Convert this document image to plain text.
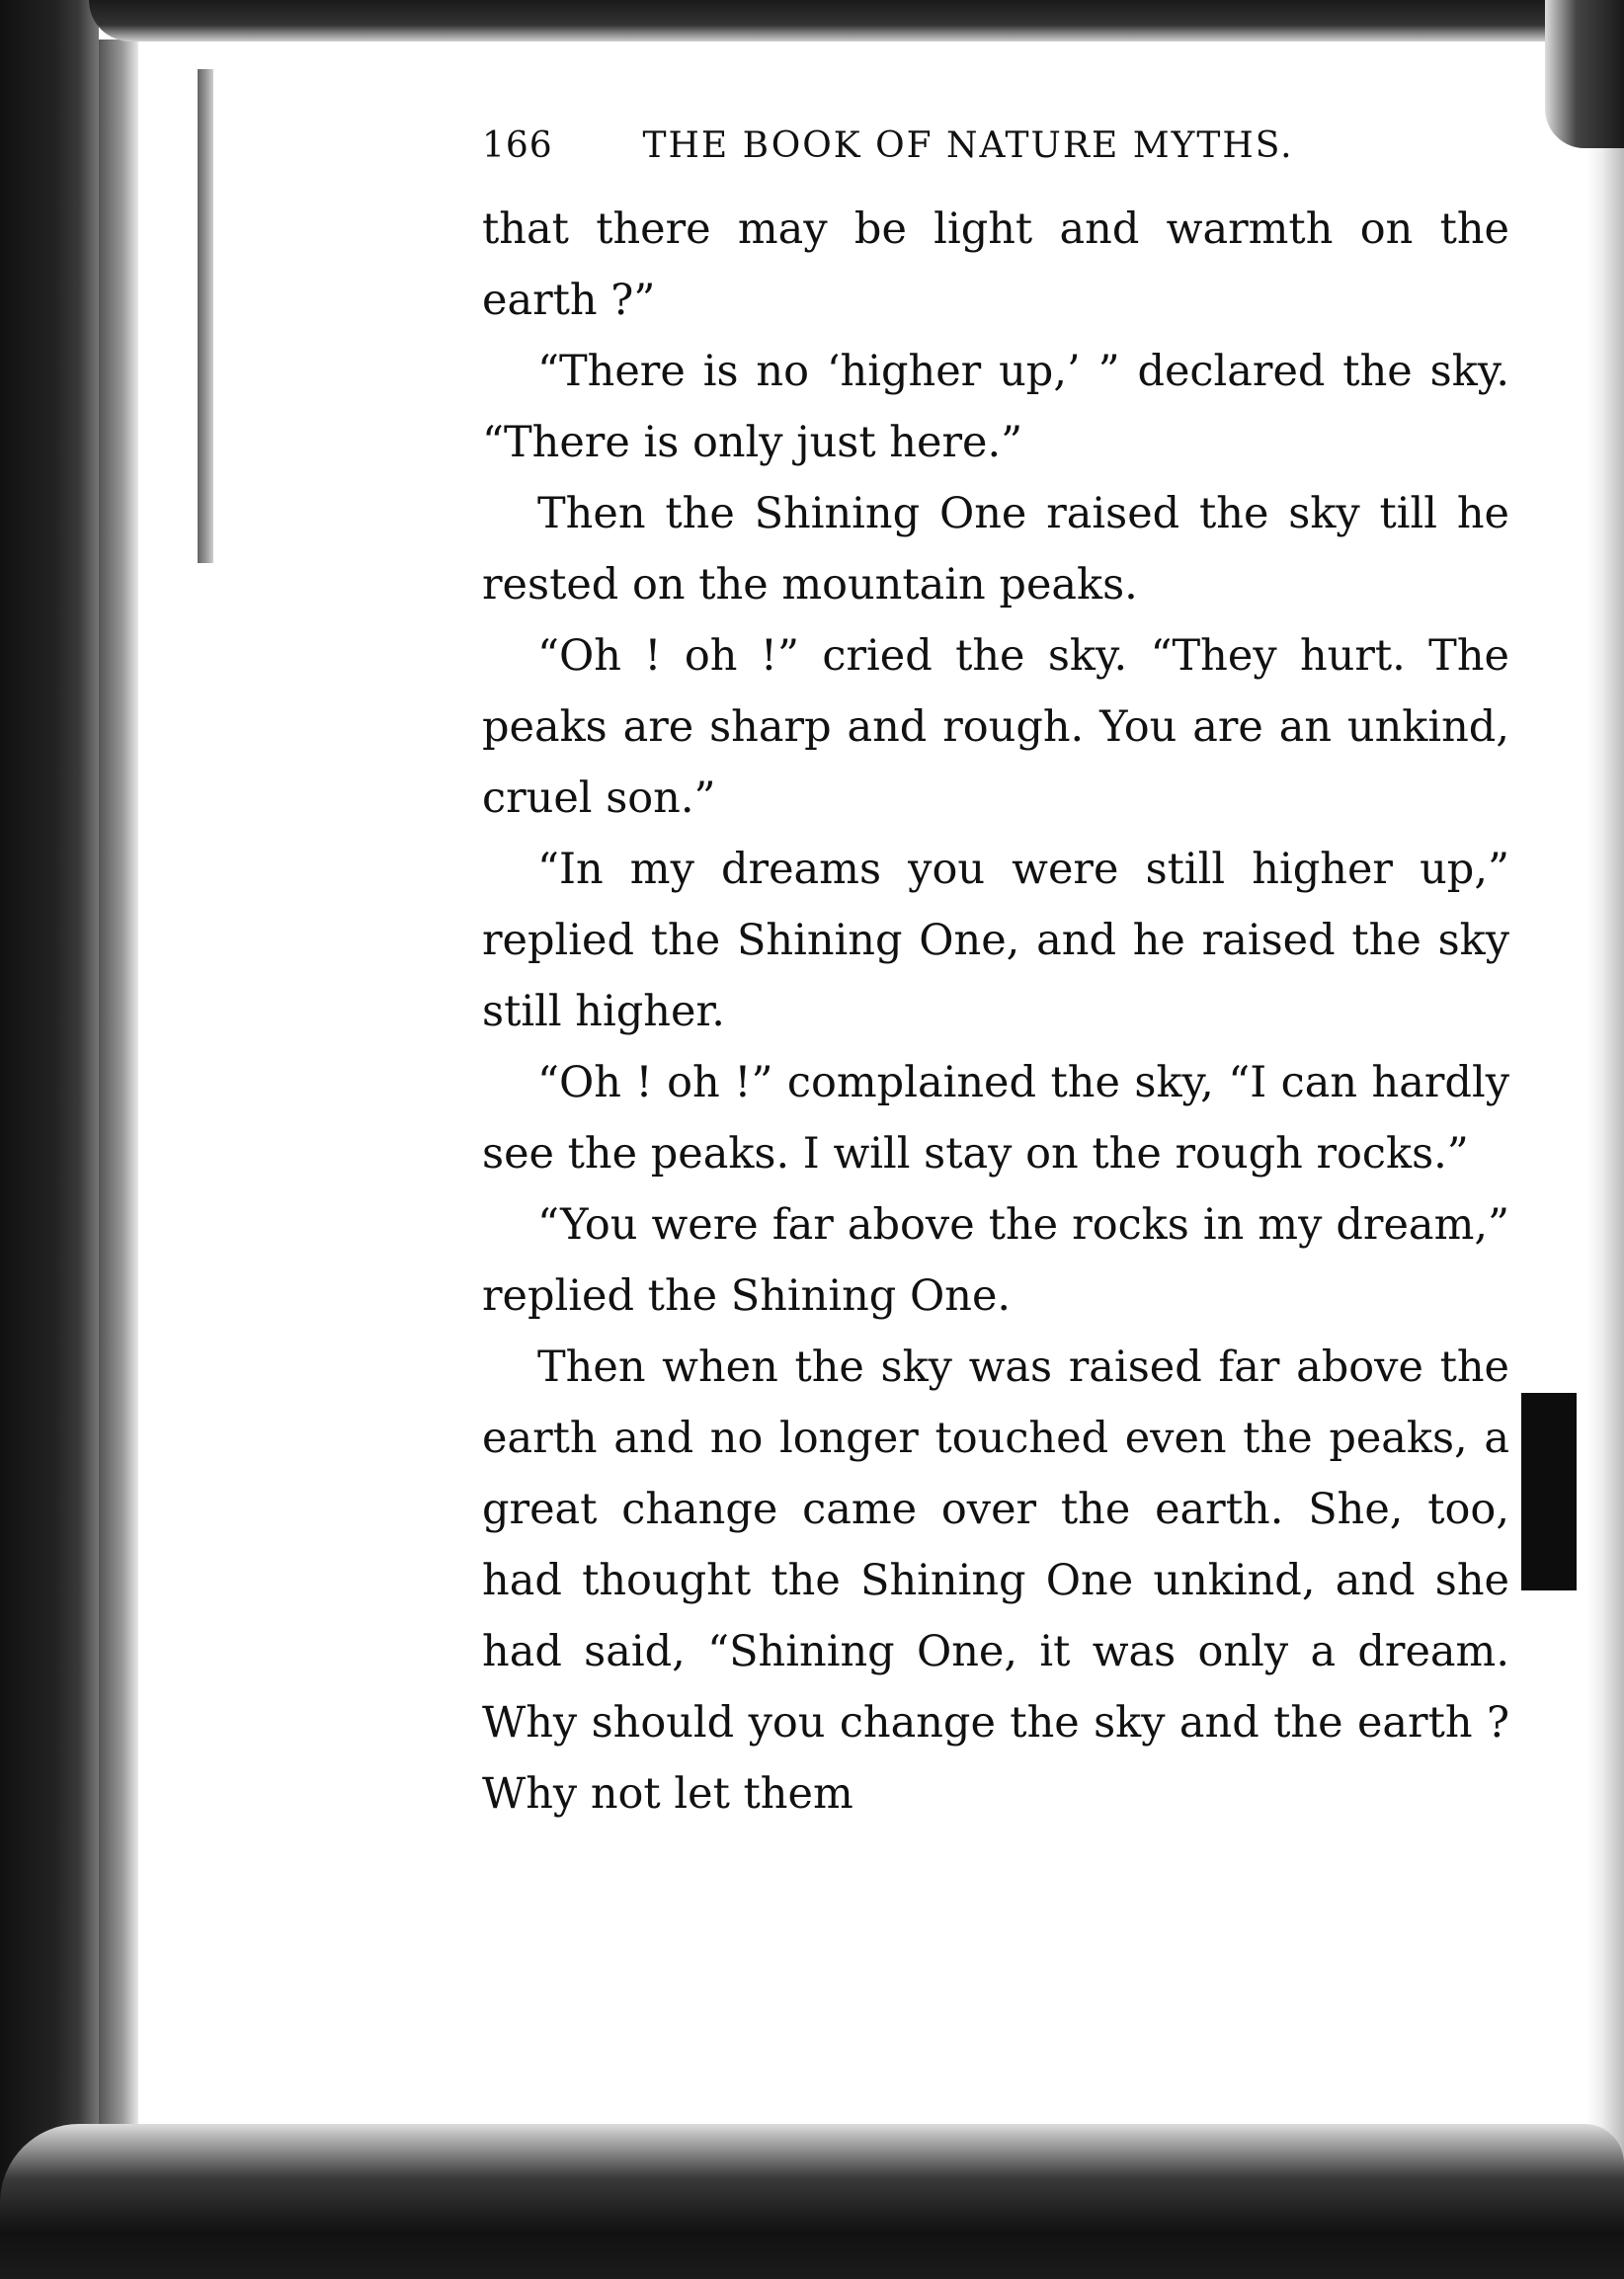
166	THE BOOK OF NATURE MYTHS.

that there may be light and warmth on the earth ?”

“There is no ‘higher up,’ ” declared the sky. “There is only just here.”

Then the Shining One raised the sky till he rested on the mountain peaks.

“Oh ! oh !” cried the sky. “They hurt. The peaks are sharp and rough. You are an unkind, cruel son.”

“In my dreams you were still higher up,” replied the Shining One, and he raised the sky still higher.

“Oh ! oh !” complained the sky, “I can hardly see the peaks. I will stay on the rough rocks.”

“You were far above the rocks in my dream,” replied the Shining One.

Then when the sky was raised far above the earth and no longer touched even the peaks, a great change came over the earth. She, too, had thought the Shining One unkind, and she had said, “Shining One, it was only a dream. Why should you change the sky and the earth ? Why not let them
